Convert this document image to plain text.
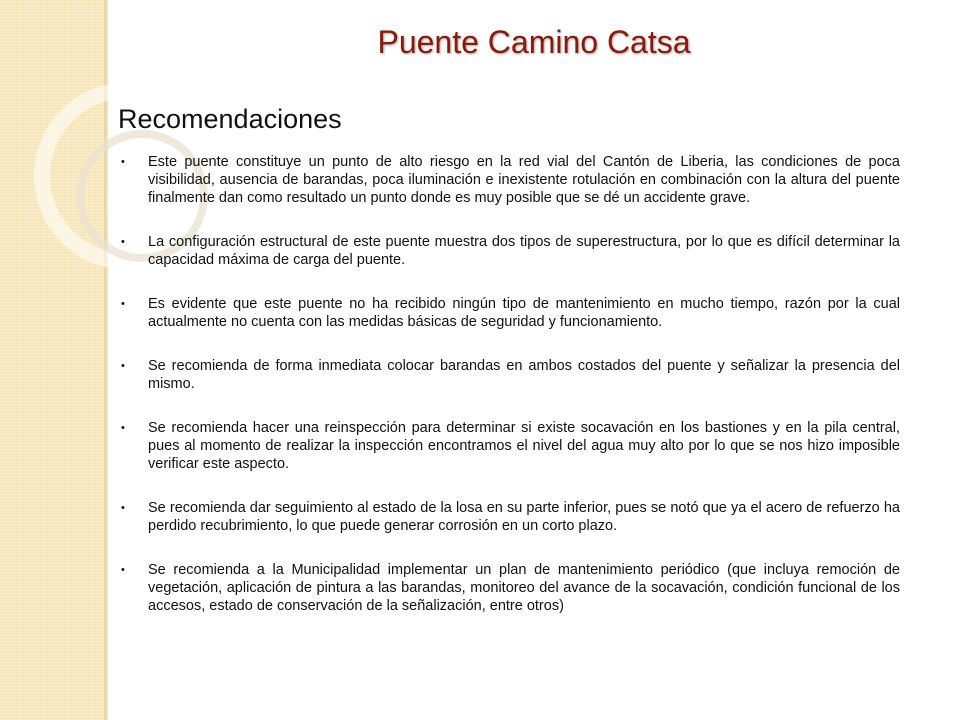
Puente Camino Catsa
Recomendaciones
• Este puente constituye un punto de alto riesgo en la red vial del Cantón de Liberia, las condiciones de poca visibilidad, ausencia de barandas, poca iluminación e inexistente rotulación en combinación con la altura del puente finalmente dan como resultado un punto donde es muy posible que se dé un accidente grave.
• La configuración estructural de este puente muestra dos tipos de superestructura, por lo que es difícil determinar la capacidad máxima de carga del puente.
• Es evidente que este puente no ha recibido ningún tipo de mantenimiento en mucho tiempo, razón por la cual actualmente no cuenta con las medidas básicas de seguridad y funcionamiento.
• Se recomienda de forma inmediata colocar barandas en ambos costados del puente y señalizar la presencia del mismo.
• Se recomienda hacer una reinspección para determinar si existe socavación en los bastiones y en la pila central, pues al momento de realizar la inspección encontramos el nivel del agua muy alto por lo que se nos hizo imposible verificar este aspecto.
• Se recomienda dar seguimiento al estado de la losa en su parte inferior, pues se notó que ya el acero de refuerzo ha perdido recubrimiento, lo que puede generar corrosión en un corto plazo.
• Se recomienda a la Municipalidad implementar un plan de mantenimiento periódico (que incluya remoción de vegetación, aplicación de pintura a las barandas, monitoreo del avance de la socavación, condición funcional de los accesos, estado de conservación de la señalización, entre otros)
